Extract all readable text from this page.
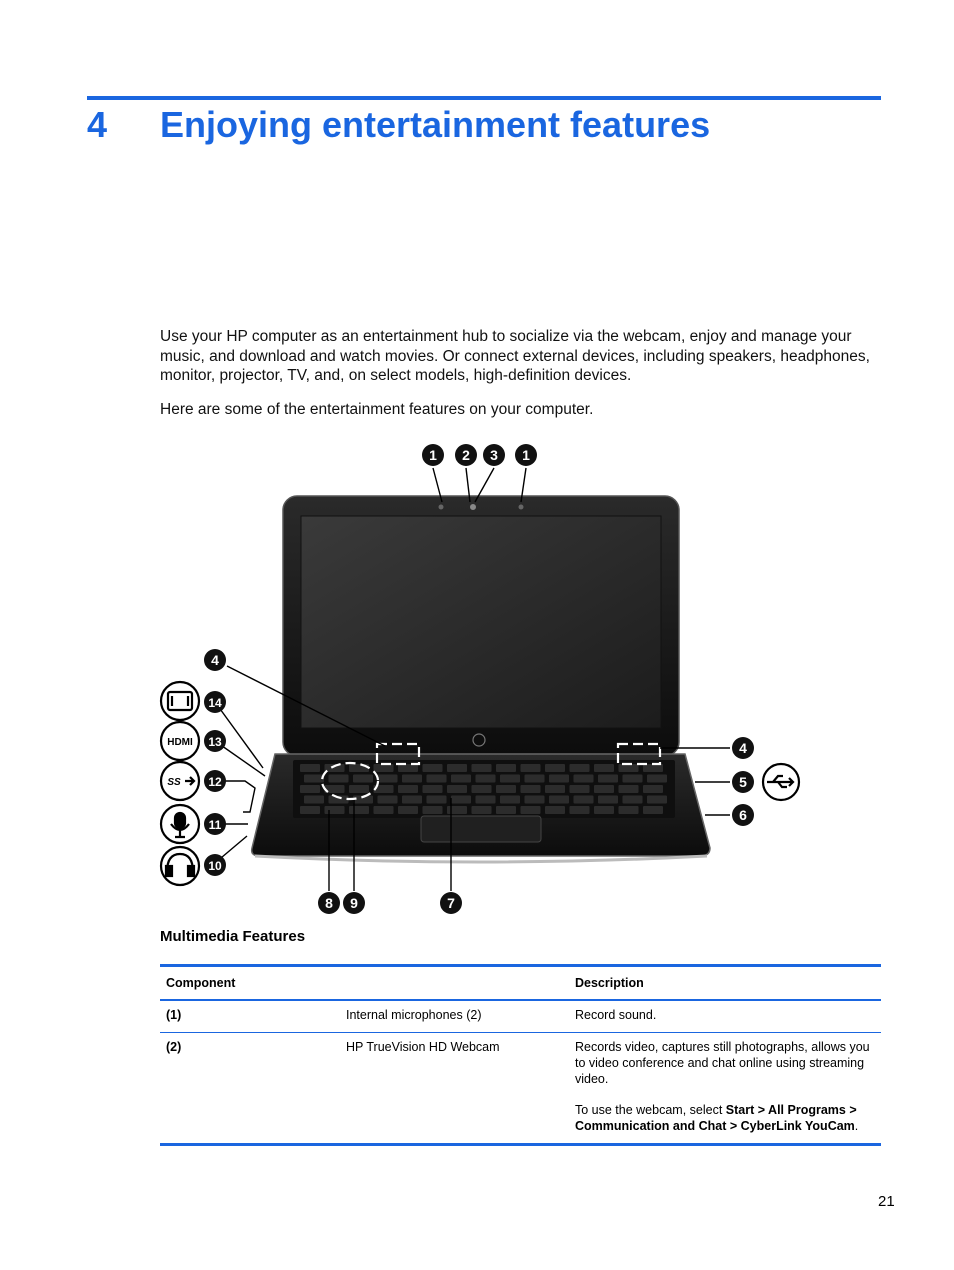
4 Enjoying entertainment features

Use your HP computer as an entertainment hub to socialize via the webcam, enjoy and manage your music, and download and watch movies. Or connect external devices, including speakers, headphones, monitor, projector, TV, and, on select models, high-definition devices.

Here are some of the entertainment features on your computer.

1 2 3 1
4
4
5
6
7
8 9
10
11
12
13
14
HDMI
SS
Multimedia Features
Component		Description
(1)	Internal microphones (2)	Record sound.
(2)	HP TrueVision HD Webcam	Records video, captures still photographs, allows you to video conference and chat online using streaming video.
To use the webcam, select Start > All Programs > Communication and Chat > CyberLink YouCam.
21
